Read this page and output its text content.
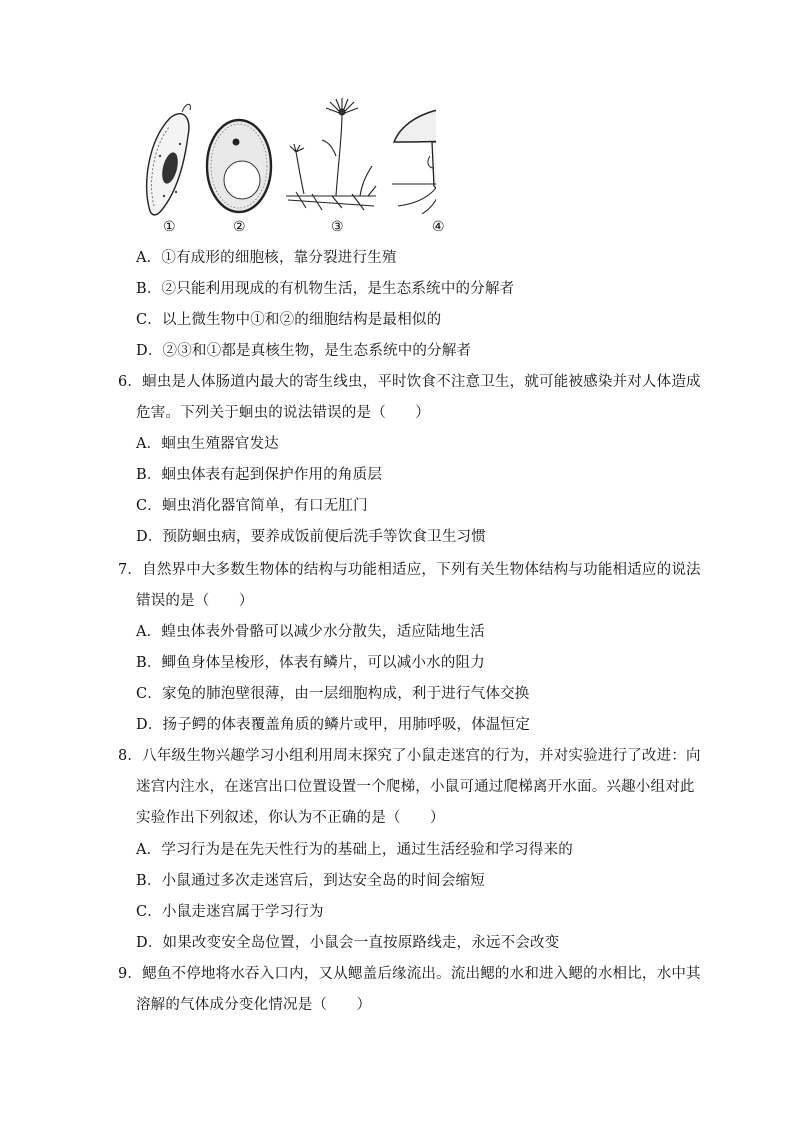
①	②	③	④
A．①有成形的细胞核，靠分裂进行生殖
B．②只能利用现成的有机物生活，是生态系统中的分解者
C．以上微生物中①和②的细胞结构是最相似的
D．②③和①都是真核生物，是生态系统中的分解者
6．蛔虫是人体肠道内最大的寄生线虫，平时饮食不注意卫生，就可能被感染并对人体造成
危害。下列关于蛔虫的说法错误的是（　　）
A．蛔虫生殖器官发达
B．蛔虫体表有起到保护作用的角质层
C．蛔虫消化器官简单，有口无肛门
D．预防蛔虫病，要养成饭前便后洗手等饮食卫生习惯
7．自然界中大多数生物体的结构与功能相适应，下列有关生物体结构与功能相适应的说法
错误的是（　　）
A．蝗虫体表外骨骼可以减少水分散失，适应陆地生活
B．鲫鱼身体呈梭形，体表有鳞片，可以减小水的阻力
C．家兔的肺泡壁很薄，由一层细胞构成，利于进行气体交换
D．扬子鳄的体表覆盖角质的鳞片或甲，用肺呼吸，体温恒定
8．八年级生物兴趣学习小组利用周末探究了小鼠走迷宫的行为，并对实验进行了改进：向
迷宫内注水，在迷宫出口位置设置一个爬梯，小鼠可通过爬梯离开水面。兴趣小组对此
实验作出下列叙述，你认为不正确的是（　　）
A．学习行为是在先天性行为的基础上，通过生活经验和学习得来的
B．小鼠通过多次走迷宫后，到达安全岛的时间会缩短
C．小鼠走迷宫属于学习行为
D．如果改变安全岛位置，小鼠会一直按原路线走，永远不会改变
9．鳃鱼不停地将水吞入口内，又从鳃盖后缘流出。流出鳃的水和进入鳃的水相比，水中其
溶解的气体成分变化情况是（　　）
